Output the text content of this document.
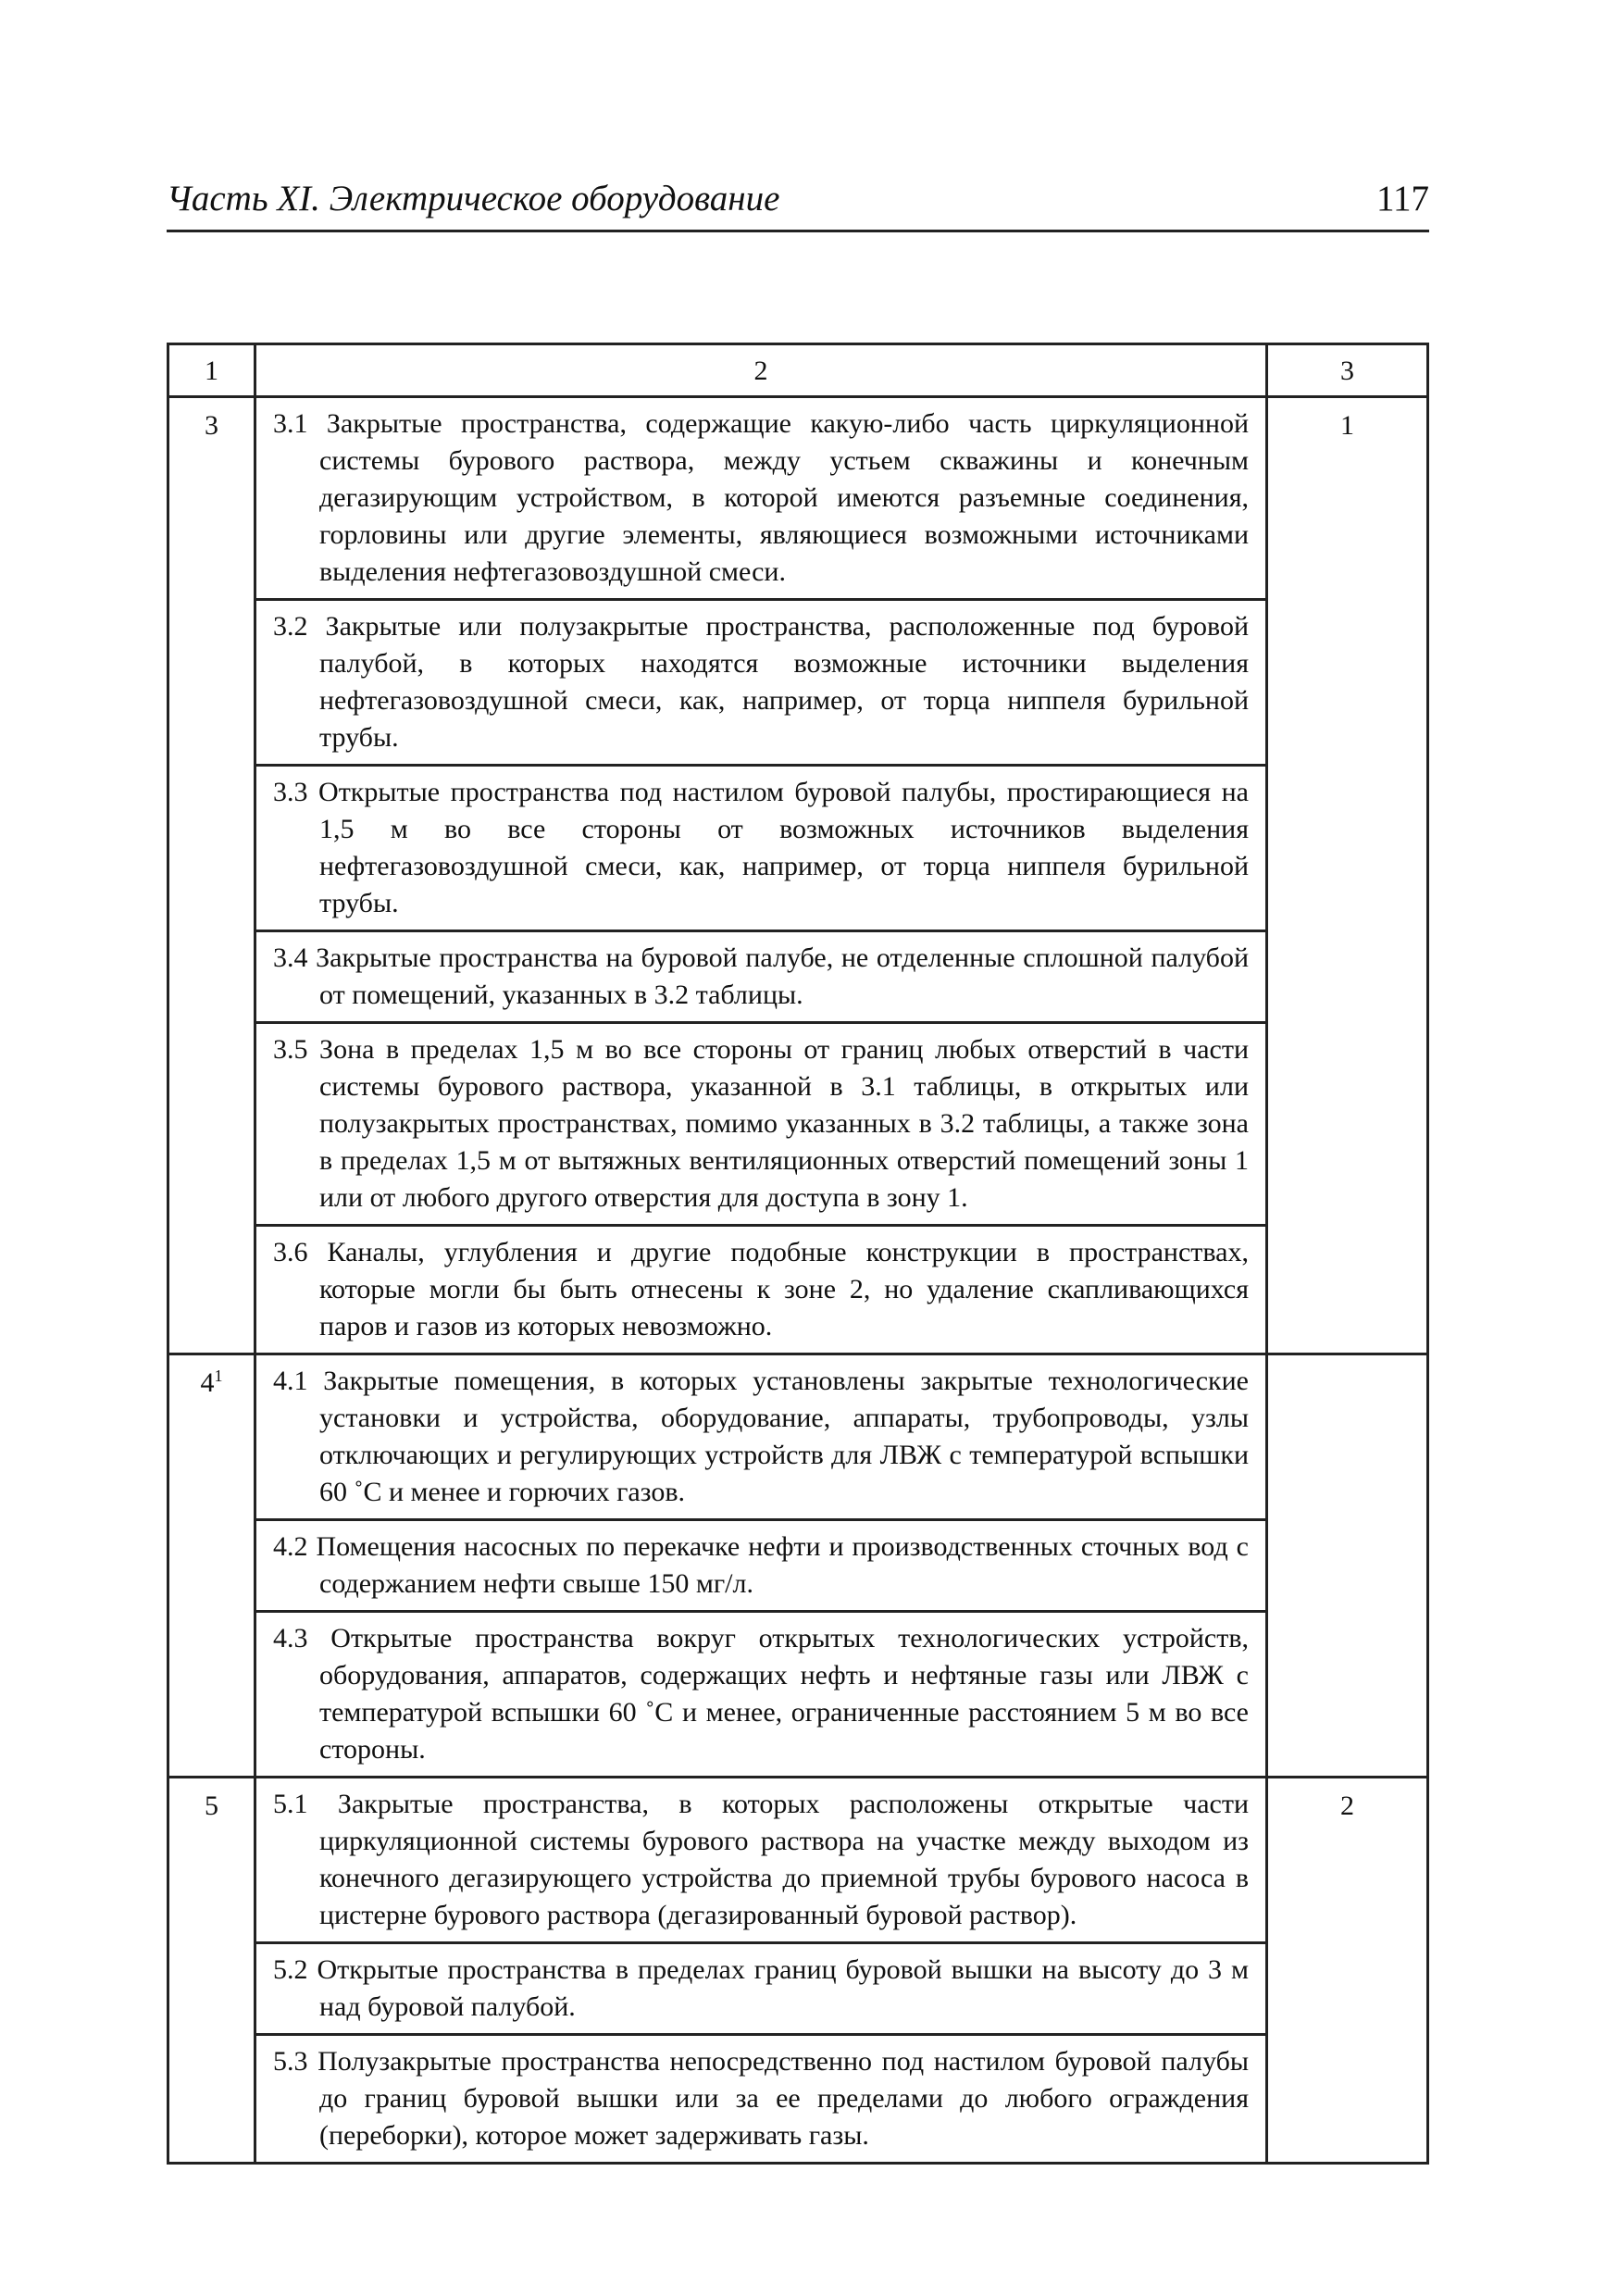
Часть XI. Электрическое оборудование	117
1	2	3
3	3.1 Закрытые пространства, содержащие какую-либо часть циркуляционной системы бурового раствора, между устьем скважины и конечным дегазирующим устройством, в которой имеются разъемные соединения, горловины или другие элементы, являющиеся возможными источниками выделения нефтегазовоздушной смеси.	1

	3.2 Закрытые или полузакрытые пространства, расположенные под буровой палубой, в которых находятся возможные источники выделения нефтегазовоздушной смеси, как, например, от торца ниппеля бурильной трубы.	

	3.3 Открытые пространства под настилом буровой палубы, простирающиеся на 1,5 м во все стороны от возможных источников выделения нефтегазовоздушной смеси, как, например, от торца ниппеля бурильной трубы.	

	3.4 Закрытые пространства на буровой палубе, не отделенные сплошной палубой от помещений, указанных в 3.2 таблицы.	

	3.5 Зона в пределах 1,5 м во все стороны от границ любых отверстий в части системы бурового раствора, указанной в 3.1 таблицы, в открытых или полузакрытых пространствах, помимо указанных в 3.2 таблицы, а также зона в пределах 1,5 м от вытяжных вентиляционных отверстий помещений зоны 1 или от любого другого отверстия для доступа в зону 1.	

	3.6 Каналы, углубления и другие подобные конструкции в пространствах, которые могли бы быть отнесены к зоне 2, но удаление скапливающихся паров и газов из которых невозможно.	

$4^1$	4.1 Закрытые помещения, в которых установлены закрытые технологические установки и устройства, оборудование, аппараты, трубопроводы, узлы отключающих и регулирующих устройств для ЛВЖ с температурой вспышки 60 ˚С и менее и горючих газов.	

	4.2 Помещения насосных по перекачке нефти и производственных сточных вод с содержанием нефти свыше 150 мг/л.	

	4.3 Открытые пространства вокруг открытых технологических устройств, оборудования, аппаратов, содержащих нефть и нефтяные газы или ЛВЖ с температурой вспышки 60 ˚С и менее, ограниченные расстоянием 5 м во все стороны.	

5	5.1 Закрытые пространства, в которых расположены открытые части циркуляционной системы бурового раствора на участке между выходом из конечного дегазирующего устройства до приемной трубы бурового насоса в цистерне бурового раствора (дегазированный буровой раствор).	2

	5.2 Открытые пространства в пределах границ буровой вышки на высоту до 3 м над буровой палубой.	

	5.3 Полузакрытые пространства непосредственно под настилом буровой палубы до границ буровой вышки или за ее пределами до любого ограждения (переборки), которое может задерживать газы.	
